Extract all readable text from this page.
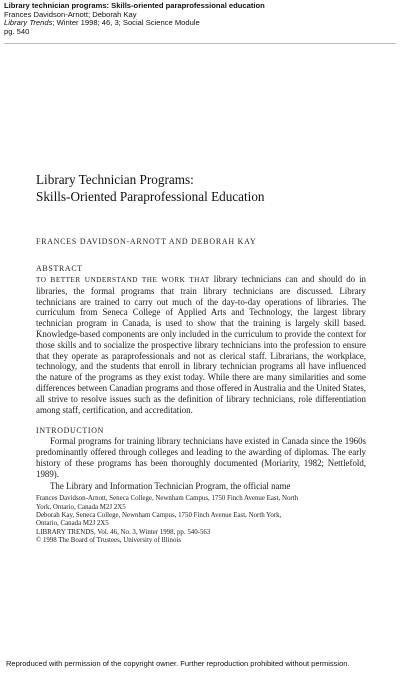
Library technician programs: Skills-oriented paraprofessional education
Frances Davidson-Arnott; Deborah Kay
Library Trends; Winter 1998; 46, 3; Social Science Module
pg. 540
Library Technician Programs:
Skills-Oriented Paraprofessional Education
FRANCES DAVIDSON-ARNOTT AND DEBORAH KAY
ABSTRACT

TO BETTER UNDERSTAND THE WORK THAT library technicians can and should do in libraries, the formal programs that train library technicians are discussed. Library technicians are trained to carry out much of the day-to-day operations of libraries. The curriculum from Seneca College of Applied Arts and Technology, the largest library technician program in Canada, is used to show that the training is largely skill based. Knowledge-based components are only included in the curriculum to provide the context for those skills and to socialize the prospective library technicians into the profession to ensure that they operate as paraprofessionals and not as clerical staff. Librarians, the workplace, technology, and the students that enroll in library technician programs all have influenced the nature of the programs as they exist today. While there are many similarities and some differences between Canadian programs and those offered in Australia and the United States, all strive to resolve issues such as the definition of library technicians, role differentiation among staff, certification, and accreditation.

INTRODUCTION

Formal programs for training library technicians have existed in Canada since the 1960s predominantly offered through colleges and leading to the awarding of diplomas. The early history of these programs has been thoroughly documented (Moriarity, 1982; Nettlefold, 1989).

The Library and Information Technician Program, the official name

Frances Davidson-Arnott, Seneca College, Newnham Campus, 1750 Finch Avenue East, North
York, Ontario, Canada M2J 2X5
Deborah Kay, Seneca College, Newnham Campus, 1750 Finch Avenue East, North York,
Ontario, Canada M2J 2X5
LIBRARY TRENDS, Vol. 46, No. 3, Winter 1998, pp. 540-563
© 1998 The Board of Trustees, University of Illinois
Reproduced with permission of the copyright owner. Further reproduction prohibited without permission.
